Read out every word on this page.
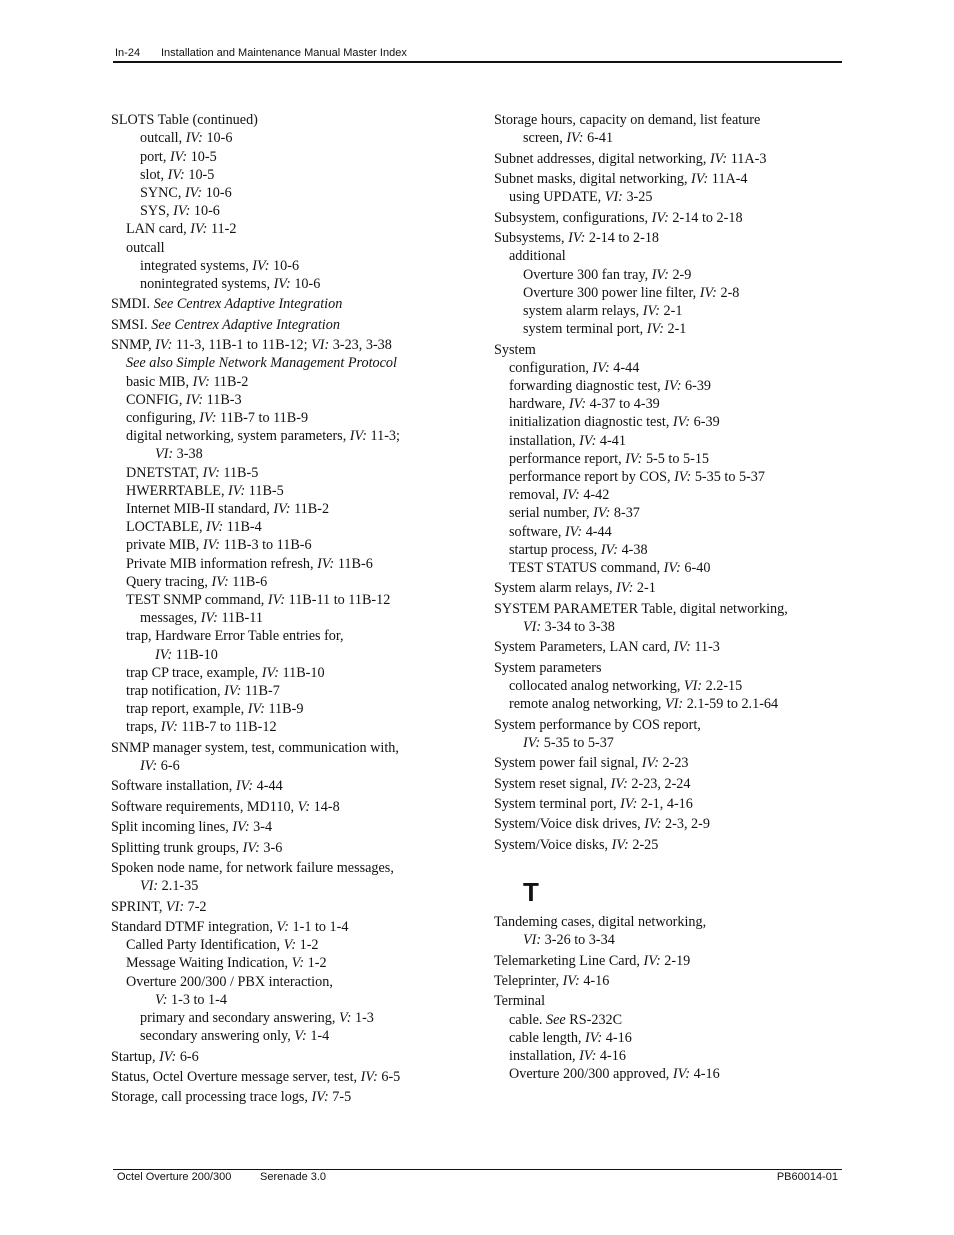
In-24 Installation and Maintenance Manual Master Index
SLOTS Table (continued)
outcall, IV: 10-6
port, IV: 10-5
slot, IV: 10-5
SYNC, IV: 10-6
SYS, IV: 10-6
LAN card, IV: 11-2
outcall
integrated systems, IV: 10-6
nonintegrated systems, IV: 10-6
SMDI. See Centrex Adaptive Integration
SMSI. See Centrex Adaptive Integration
SNMP, IV: 11-3, 11B-1 to 11B-12; VI: 3-23, 3-38
See also Simple Network Management Protocol
basic MIB, IV: 11B-2
CONFIG, IV: 11B-3
configuring, IV: 11B-7 to 11B-9
digital networking, system parameters, IV: 11-3;
VI: 3-38
DNETSTAT, IV: 11B-5
HWERRTABLE, IV: 11B-5
Internet MIB-II standard, IV: 11B-2
LOCTABLE, IV: 11B-4
private MIB, IV: 11B-3 to 11B-6
Private MIB information refresh, IV: 11B-6
Query tracing, IV: 11B-6
TEST SNMP command, IV: 11B-11 to 11B-12
messages, IV: 11B-11
trap, Hardware Error Table entries for,
IV: 11B-10
trap CP trace, example, IV: 11B-10
trap notification, IV: 11B-7
trap report, example, IV: 11B-9
traps, IV: 11B-7 to 11B-12
SNMP manager system, test, communication with,
IV: 6-6
Software installation, IV: 4-44
Software requirements, MD110, V: 14-8
Split incoming lines, IV: 3-4
Splitting trunk groups, IV: 3-6
Spoken node name, for network failure messages,
VI: 2.1-35
SPRINT, VI: 7-2
Standard DTMF integration, V: 1-1 to 1-4
Called Party Identification, V: 1-2
Message Waiting Indication, V: 1-2
Overture 200/300 / PBX interaction,
V: 1-3 to 1-4
primary and secondary answering, V: 1-3
secondary answering only, V: 1-4
Startup, IV: 6-6
Status, Octel Overture message server, test, IV: 6-5
Storage, call processing trace logs, IV: 7-5
Storage hours, capacity on demand, list feature
screen, IV: 6-41
Subnet addresses, digital networking, IV: 11A-3
Subnet masks, digital networking, IV: 11A-4
using UPDATE, VI: 3-25
Subsystem, configurations, IV: 2-14 to 2-18
Subsystems, IV: 2-14 to 2-18
additional
Overture 300 fan tray, IV: 2-9
Overture 300 power line filter, IV: 2-8
system alarm relays, IV: 2-1
system terminal port, IV: 2-1
System
configuration, IV: 4-44
forwarding diagnostic test, IV: 6-39
hardware, IV: 4-37 to 4-39
initialization diagnostic test, IV: 6-39
installation, IV: 4-41
performance report, IV: 5-5 to 5-15
performance report by COS, IV: 5-35 to 5-37
removal, IV: 4-42
serial number, IV: 8-37
software, IV: 4-44
startup process, IV: 4-38
TEST STATUS command, IV: 6-40
System alarm relays, IV: 2-1
SYSTEM PARAMETER Table, digital networking,
VI: 3-34 to 3-38
System Parameters, LAN card, IV: 11-3
System parameters
collocated analog networking, VI: 2.2-15
remote analog networking, VI: 2.1-59 to 2.1-64
System performance by COS report,
IV: 5-35 to 5-37
System power fail signal, IV: 2-23
System reset signal, IV: 2-23, 2-24
System terminal port, IV: 2-1, 4-16
System/Voice disk drives, IV: 2-3, 2-9
System/Voice disks, IV: 2-25
T
Tandeming cases, digital networking,
VI: 3-26 to 3-34
Telemarketing Line Card, IV: 2-19
Teleprinter, IV: 4-16
Terminal
cable. See RS-232C
cable length, IV: 4-16
installation, IV: 4-16
Overture 200/300 approved, IV: 4-16
Octel Overture 200/300	Serenade 3.0	PB60014-01
